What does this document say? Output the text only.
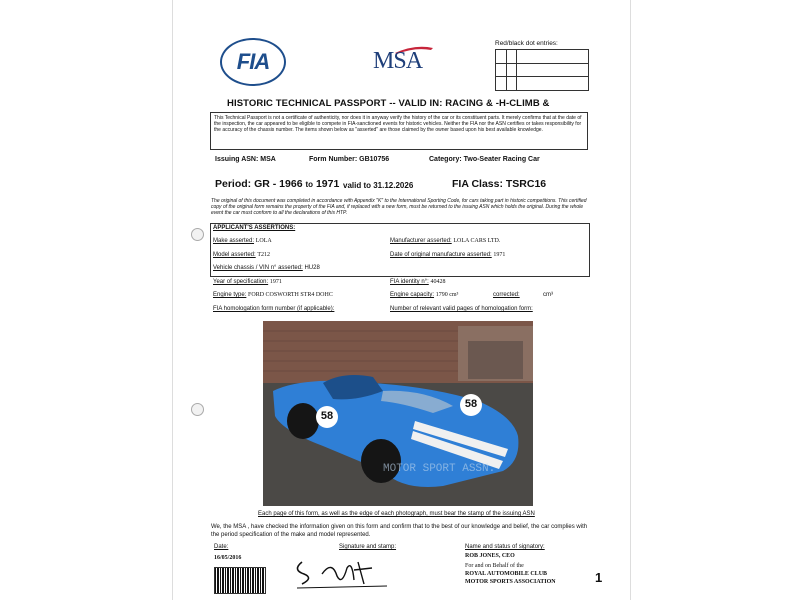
FIA	MSA
Red/black dot entries:
HISTORIC TECHNICAL PASSPORT -- VALID IN: RACING & -H-CLIMB &
This Technical Passport is not a certificate of authenticity, nor does it in anyway verify the history of the car or its constituent parts. It merely confirms that at the date of the inspection, the car appeared to be eligible to compete in FIA-sanctioned events for historic vehicles. Neither the FIA nor the ASN certifies or takes responsibility for the accuracy of the chassis number. The items shown below as "asserted" are those claimed by the owner based upon his best available knowledge.
Issuing ASN: MSA	Form Number: GB10756	Category: Two-Seater Racing Car
Period: GR - 1966 to 1971 valid to 31.12.2026	FIA Class: TSRC16
The original of this document was completed in accordance with Appendix "K" to the International Sporting Code, for cars taking part in historic competitions. This certified copy of the original form remains the property of the FIA and, if replaced with a new form, must be returned to the issuing ASN which holds the original. During the whole event the car must conform to all the declarations of this HTP.
APPLICANT'S ASSERTIONS:
Make asserted: LOLA	Manufacturer asserted: LOLA CARS LTD.
Model asserted: T212	Date of original manufacture asserted: 1971
Vehicle chassis / VIN n° asserted: HU28
Year of specification: 1971	FIA identity n°: 40428
Engine type: FORD COSWORTH STR4 DOHC	Engine capacity: 1790 cm³	corrected:	cm³
FIA homologation form number (if applicable):	Number of relevant valid pages of homologation form:
MOTOR SPORT ASSN.
58
58
Each page of this form, as well as the edge of each photograph, must bear the stamp of the issuing ASN
We, the MSA , have checked the information given on this form and confirm that to the best of our knowledge and belief, the car complies with the period specification of the make and model represented.
Date:
16/05/2016
Signature and stamp:	Name and status of signatory:
ROB JONES, CEO
For and on Behalf of the
ROYAL AUTOMOBILE CLUB
MOTOR SPORTS ASSOCIATION	1
